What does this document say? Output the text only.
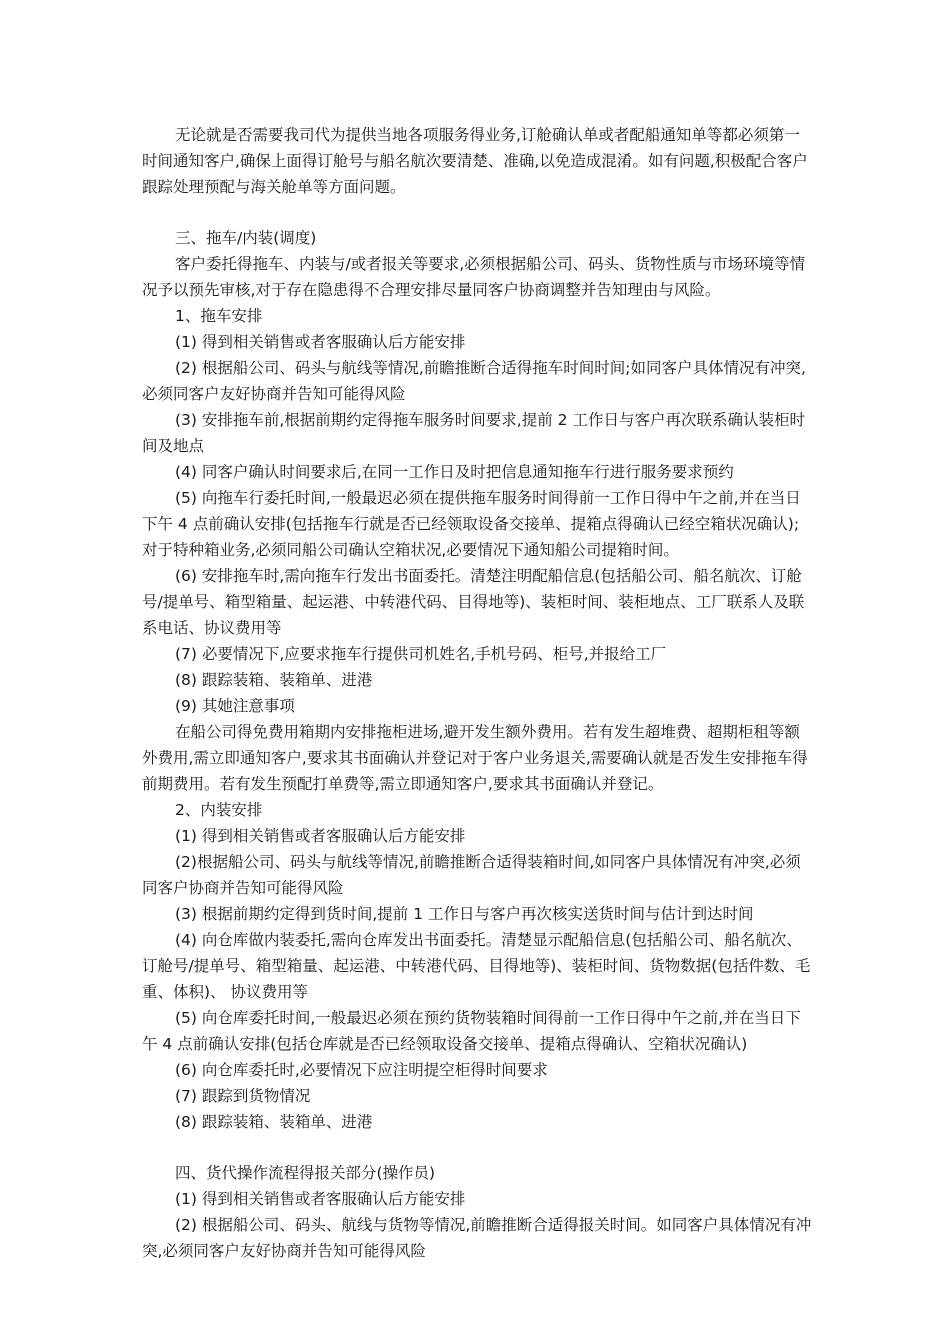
无论就是否需要我司代为提供当地各项服务得业务,订舱确认单或者配船通知单等都必须第一时间通知客户,确保上面得订舱号与船名航次要清楚、准确,以免造成混淆。如有问题,积极配合客户跟踪处理预配与海关舱单等方面问题。

三、拖车/内装(调度)

客户委托得拖车、内装与/或者报关等要求,必须根据船公司、码头、货物性质与市场环境等情况予以预先审核,对于存在隐患得不合理安排尽量同客户协商调整并告知理由与风险。

1、拖车安排

(1) 得到相关销售或者客服确认后方能安排

(2) 根据船公司、码头与航线等情况,前瞻推断合适得拖车时间时间;如同客户具体情况有冲突,必须同客户友好协商并告知可能得风险

(3) 安排拖车前,根据前期约定得拖车服务时间要求,提前 2 工作日与客户再次联系确认装柜时间及地点

(4) 同客户确认时间要求后,在同一工作日及时把信息通知拖车行进行服务要求预约

(5) 向拖车行委托时间,一般最迟必须在提供拖车服务时间得前一工作日得中午之前,并在当日下午 4 点前确认安排(包括拖车行就是否已经领取设备交接单、提箱点得确认已经空箱状况确认);对于特种箱业务,必须同船公司确认空箱状况,必要情况下通知船公司提箱时间。

(6) 安排拖车时,需向拖车行发出书面委托。清楚注明配船信息(包括船公司、船名航次、订舱号/提单号、箱型箱量、起运港、中转港代码、目得地等)、装柜时间、装柜地点、工厂联系人及联系电话、协议费用等

(7) 必要情况下,应要求拖车行提供司机姓名,手机号码、柜号,并报给工厂

(8) 跟踪装箱、装箱单、进港

(9) 其她注意事项

在船公司得免费用箱期内安排拖柜进场,避开发生额外费用。若有发生超堆费、超期柜租等额外费用,需立即通知客户,要求其书面确认并登记对于客户业务退关,需要确认就是否发生安排拖车得前期费用。若有发生预配打单费等,需立即通知客户,要求其书面确认并登记。

2、内装安排

(1) 得到相关销售或者客服确认后方能安排

(2)根据船公司、码头与航线等情况,前瞻推断合适得装箱时间,如同客户具体情况有冲突,必须同客户协商并告知可能得风险

(3) 根据前期约定得到货时间,提前 1 工作日与客户再次核实送货时间与估计到达时间

(4) 向仓库做内装委托,需向仓库发出书面委托。清楚显示配船信息(包括船公司、船名航次、订舱号/提单号、箱型箱量、起运港、中转港代码、目得地等)、装柜时间、货物数据(包括件数、毛重、体积)、 协议费用等

(5) 向仓库委托时间,一般最迟必须在预约货物装箱时间得前一工作日得中午之前,并在当日下午 4 点前确认安排(包括仓库就是否已经领取设备交接单、提箱点得确认、空箱状况确认)

(6) 向仓库委托时,必要情况下应注明提空柜得时间要求

(7) 跟踪到货物情况

(8) 跟踪装箱、装箱单、进港

四、货代操作流程得报关部分(操作员)

(1) 得到相关销售或者客服确认后方能安排

(2) 根据船公司、码头、航线与货物等情况,前瞻推断合适得报关时间。如同客户具体情况有冲突,必须同客户友好协商并告知可能得风险
